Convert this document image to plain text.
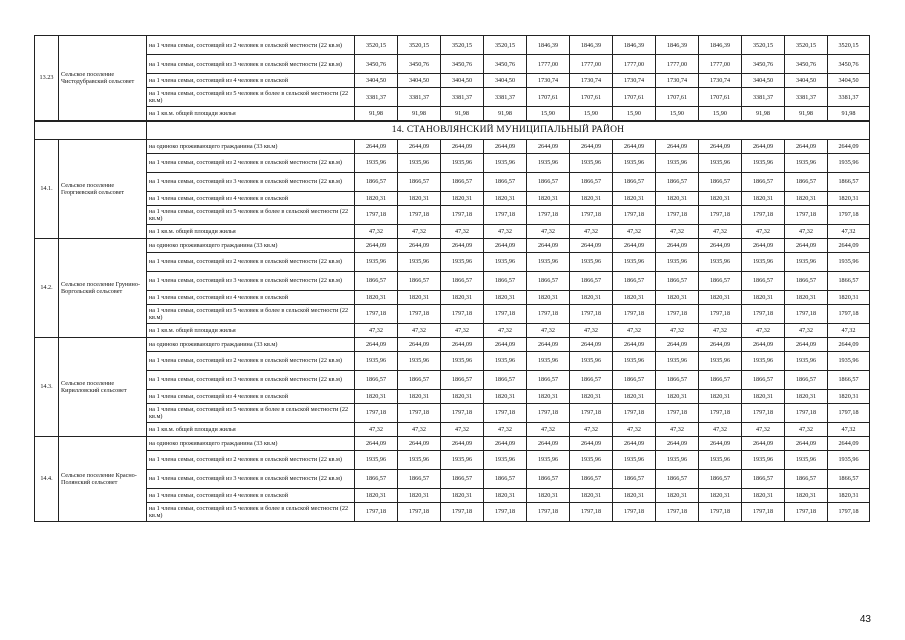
13.23	Сельское поселение Чистодубравский сельсовет	на 1 члена семьи, состоящей из 2 человек в сельской местности (22 кв.м)	3520,15	3520,15	3520,15	3520,15	1846,39	1846,39	1846,39	1846,39	1846,39	3520,15	3520,15	3520,15
		на 1 члена семьи, состоящей из 3 человек в сельской местности (22 кв.м)	3450,76	3450,76	3450,76	3450,76	1777,00	1777,00	1777,00	1777,00	1777,00	3450,76	3450,76	3450,76
		на 1 члена семьи, состоящей из 4 человек в сельской	3404,50	3404,50	3404,50	3404,50	1730,74	1730,74	1730,74	1730,74	1730,74	3404,50	3404,50	3404,50
		на 1 члена семьи, состоящей из 5 человек и более в сельской местности (22 кв.м)	3381,37	3381,37	3381,37	3381,37	1707,61	1707,61	1707,61	1707,61	1707,61	3381,37	3381,37	3381,37
		на 1 кв.м. общей площади жилья	91,98	91,98	91,98	91,98	15,90	15,90	15,90	15,90	15,90	91,98	91,98	91,98
		14. СТАНОВЛЯНСКИЙ МУНИЦИПАЛЬНЫЙ РАЙОН												
14.1.	Сельское поселение Георгиевский сельсовет	на одиноко проживающего гражданина (33 кв.м)	2644,09	2644,09	2644,09	2644,09	2644,09	2644,09	2644,09	2644,09	2644,09	2644,09	2644,09	2644,09
		на 1 члена семьи, состоящей из 2 человек в сельской местности (22 кв.м)	1935,96	1935,96	1935,96	1935,96	1935,96	1935,96	1935,96	1935,96	1935,96	1935,96	1935,96	1935,96
		на 1 члена семьи, состоящей из 3 человек в сельской местности (22 кв.м)	1866,57	1866,57	1866,57	1866,57	1866,57	1866,57	1866,57	1866,57	1866,57	1866,57	1866,57	1866,57
		на 1 члена семьи, состоящей из 4 человек в сельской	1820,31	1820,31	1820,31	1820,31	1820,31	1820,31	1820,31	1820,31	1820,31	1820,31	1820,31	1820,31
		на 1 члена семьи, состоящей из 5 человек и более в сельской местности (22 кв.м)	1797,18	1797,18	1797,18	1797,18	1797,18	1797,18	1797,18	1797,18	1797,18	1797,18	1797,18	1797,18
		на 1 кв.м. общей площади жилья	47,32	47,32	47,32	47,32	47,32	47,32	47,32	47,32	47,32	47,32	47,32	47,32
14.2.	Сельское поселение Грунино-Воргольский сельсовет	на одиноко проживающего гражданина (33 кв.м)	2644,09	2644,09	2644,09	2644,09	2644,09	2644,09	2644,09	2644,09	2644,09	2644,09	2644,09	2644,09
		на 1 члена семьи, состоящей из 2 человек в сельской местности (22 кв.м)	1935,96	1935,96	1935,96	1935,96	1935,96	1935,96	1935,96	1935,96	1935,96	1935,96	1935,96	1935,96
		на 1 члена семьи, состоящей из 3 человек в сельской местности (22 кв.м)	1866,57	1866,57	1866,57	1866,57	1866,57	1866,57	1866,57	1866,57	1866,57	1866,57	1866,57	1866,57
		на 1 члена семьи, состоящей из 4 человек в сельской	1820,31	1820,31	1820,31	1820,31	1820,31	1820,31	1820,31	1820,31	1820,31	1820,31	1820,31	1820,31
		на 1 члена семьи, состоящей из 5 человек и более в сельской местности (22 кв.м)	1797,18	1797,18	1797,18	1797,18	1797,18	1797,18	1797,18	1797,18	1797,18	1797,18	1797,18	1797,18
		на 1 кв.м. общей площади жилья	47,32	47,32	47,32	47,32	47,32	47,32	47,32	47,32	47,32	47,32	47,32	47,32
14.3.	Сельское поселение Кирилловский сельсовет	на одиноко проживающего гражданина (33 кв.м)	2644,09	2644,09	2644,09	2644,09	2644,09	2644,09	2644,09	2644,09	2644,09	2644,09	2644,09	2644,09
		на 1 члена семьи, состоящей из 2 человек в сельской местности (22 кв.м)	1935,96	1935,96	1935,96	1935,96	1935,96	1935,96	1935,96	1935,96	1935,96	1935,96	1935,96	1935,96
		на 1 члена семьи, состоящей из 3 человек в сельской местности (22 кв.м)	1866,57	1866,57	1866,57	1866,57	1866,57	1866,57	1866,57	1866,57	1866,57	1866,57	1866,57	1866,57
		на 1 члена семьи, состоящей из 4 человек в сельской	1820,31	1820,31	1820,31	1820,31	1820,31	1820,31	1820,31	1820,31	1820,31	1820,31	1820,31	1820,31
		на 1 члена семьи, состоящей из 5 человек и более в сельской местности (22 кв.м)	1797,18	1797,18	1797,18	1797,18	1797,18	1797,18	1797,18	1797,18	1797,18	1797,18	1797,18	1797,18
		на 1 кв.м. общей площади жилья	47,32	47,32	47,32	47,32	47,32	47,32	47,32	47,32	47,32	47,32	47,32	47,32
14.4.	Сельское поселение Красно-Полянский сельсовет	на одиноко проживающего гражданина (33 кв.м)	2644,09	2644,09	2644,09	2644,09	2644,09	2644,09	2644,09	2644,09	2644,09	2644,09	2644,09	2644,09
		на 1 члена семьи, состоящей из 2 человек в сельской местности (22 кв.м)	1935,96	1935,96	1935,96	1935,96	1935,96	1935,96	1935,96	1935,96	1935,96	1935,96	1935,96	1935,96
		на 1 члена семьи, состоящей из 3 человек в сельской местности (22 кв.м)	1866,57	1866,57	1866,57	1866,57	1866,57	1866,57	1866,57	1866,57	1866,57	1866,57	1866,57	1866,57
		на 1 члена семьи, состоящей из 4 человек в сельской	1820,31	1820,31	1820,31	1820,31	1820,31	1820,31	1820,31	1820,31	1820,31	1820,31	1820,31	1820,31
		на 1 члена семьи, состоящей из 5 человек и более в сельской местности (22 кв.м)	1797,18	1797,18	1797,18	1797,18	1797,18	1797,18	1797,18	1797,18	1797,18	1797,18	1797,18	1797,18
43
